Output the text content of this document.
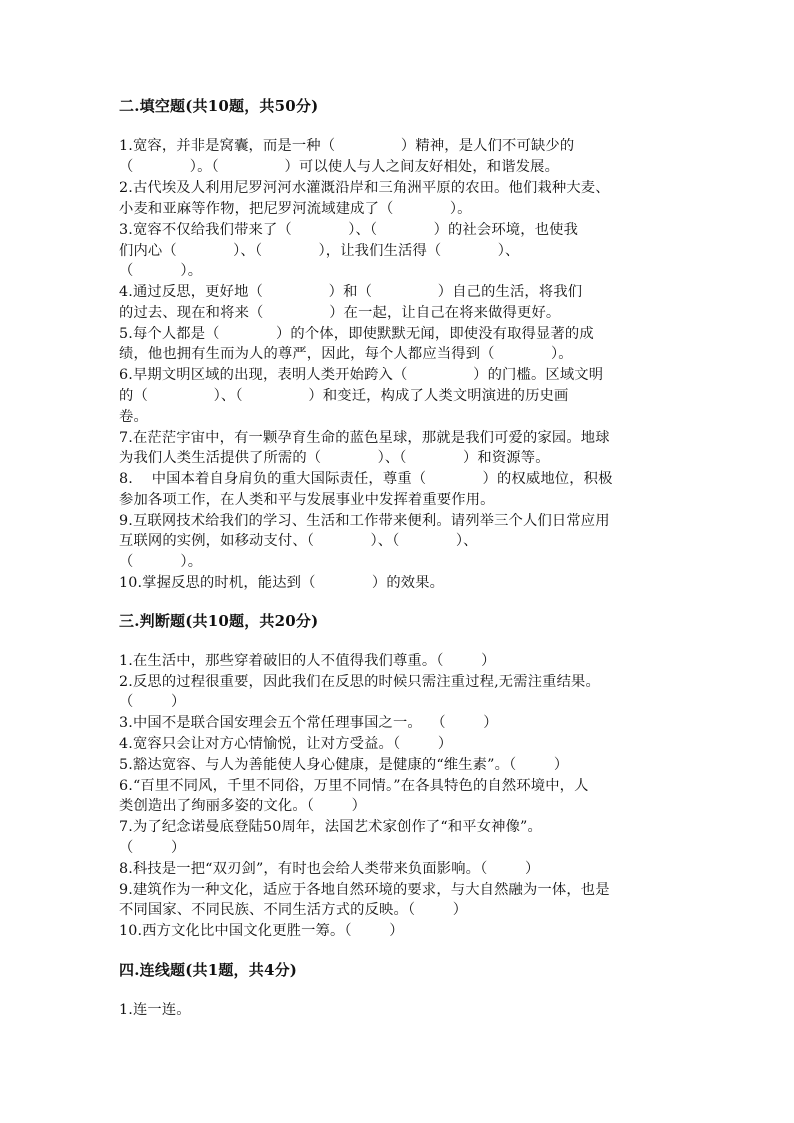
二.填空题(共10题，共50分)
1.宽容，并非是窝囊，而是一种（              ）精神，是人们不可缺少的
（            ）。（              ）可以使人与人之间友好相处，和谐发展。
2.古代埃及人利用尼罗河河水灌溉沿岸和三角洲平原的农田。他们栽种大麦、
小麦和亚麻等作物，把尼罗河流域建成了（            ）。
3.宽容不仅给我们带来了（            ）、（            ）的社会环境，也使我
们内心（            ）、（            ），让我们生活得（            ）、
（          ）。
4.通过反思，更好地（              ）和（              ）自己的生活，将我们
的过去、现在和将来（              ）在一起，让自己在将来做得更好。
5.每个人都是（            ）的个体，即使默默无闻，即使没有取得显著的成
绩，他也拥有生而为人的尊严，因此，每个人都应当得到（            ）。
6.早期文明区域的出现，表明人类开始跨入（              ）的门槛。区域文明
的（              ）、（              ）和变迁，构成了人类文明演进的历史画
卷。
7.在茫茫宇宙中，有一颗孕育生命的蓝色星球，那就是我们可爱的家园。地球
为我们人类生活提供了所需的（            ）、（            ）和资源等。
8.    中国本着自身肩负的重大国际责任，尊重（            ）的权威地位，积极
参加各项工作，在人类和平与发展事业中发挥着重要作用。
9.互联网技术给我们的学习、生活和工作带来便利。请列举三个人们日常应用
互联网的实例，如移动支付、（            ）、（            ）、
（          ）。
10.掌握反思的时机，能达到（            ）的效果。
三.判断题(共10题，共20分)
1.在生活中，那些穿着破旧的人不值得我们尊重。（        ）
2.反思的过程很重要，因此我们在反思的时候只需注重过程,无需注重结果。
（        ）
3.中国不是联合国安理会五个常任理事国之一。  （        ）
4.宽容只会让对方心情愉悦，让对方受益。（        ）
5.豁达宽容、与人为善能使人身心健康，是健康的“维生素”。（        ）
6.“百里不同风，千里不同俗，万里不同情。”在各具特色的自然环境中，人
类创造出了绚丽多姿的文化。（        ）
7.为了纪念诺曼底登陆50周年，法国艺术家创作了“和平女神像”。
（        ）
8.科技是一把“双刃剑”，有时也会给人类带来负面影响。（        ）
9.建筑作为一种文化，适应于各地自然环境的要求，与大自然融为一体，也是
不同国家、不同民族、不同生活方式的反映。（        ）
10.西方文化比中国文化更胜一筹。（        ）
四.连线题(共1题，共4分)
1.连一连。
